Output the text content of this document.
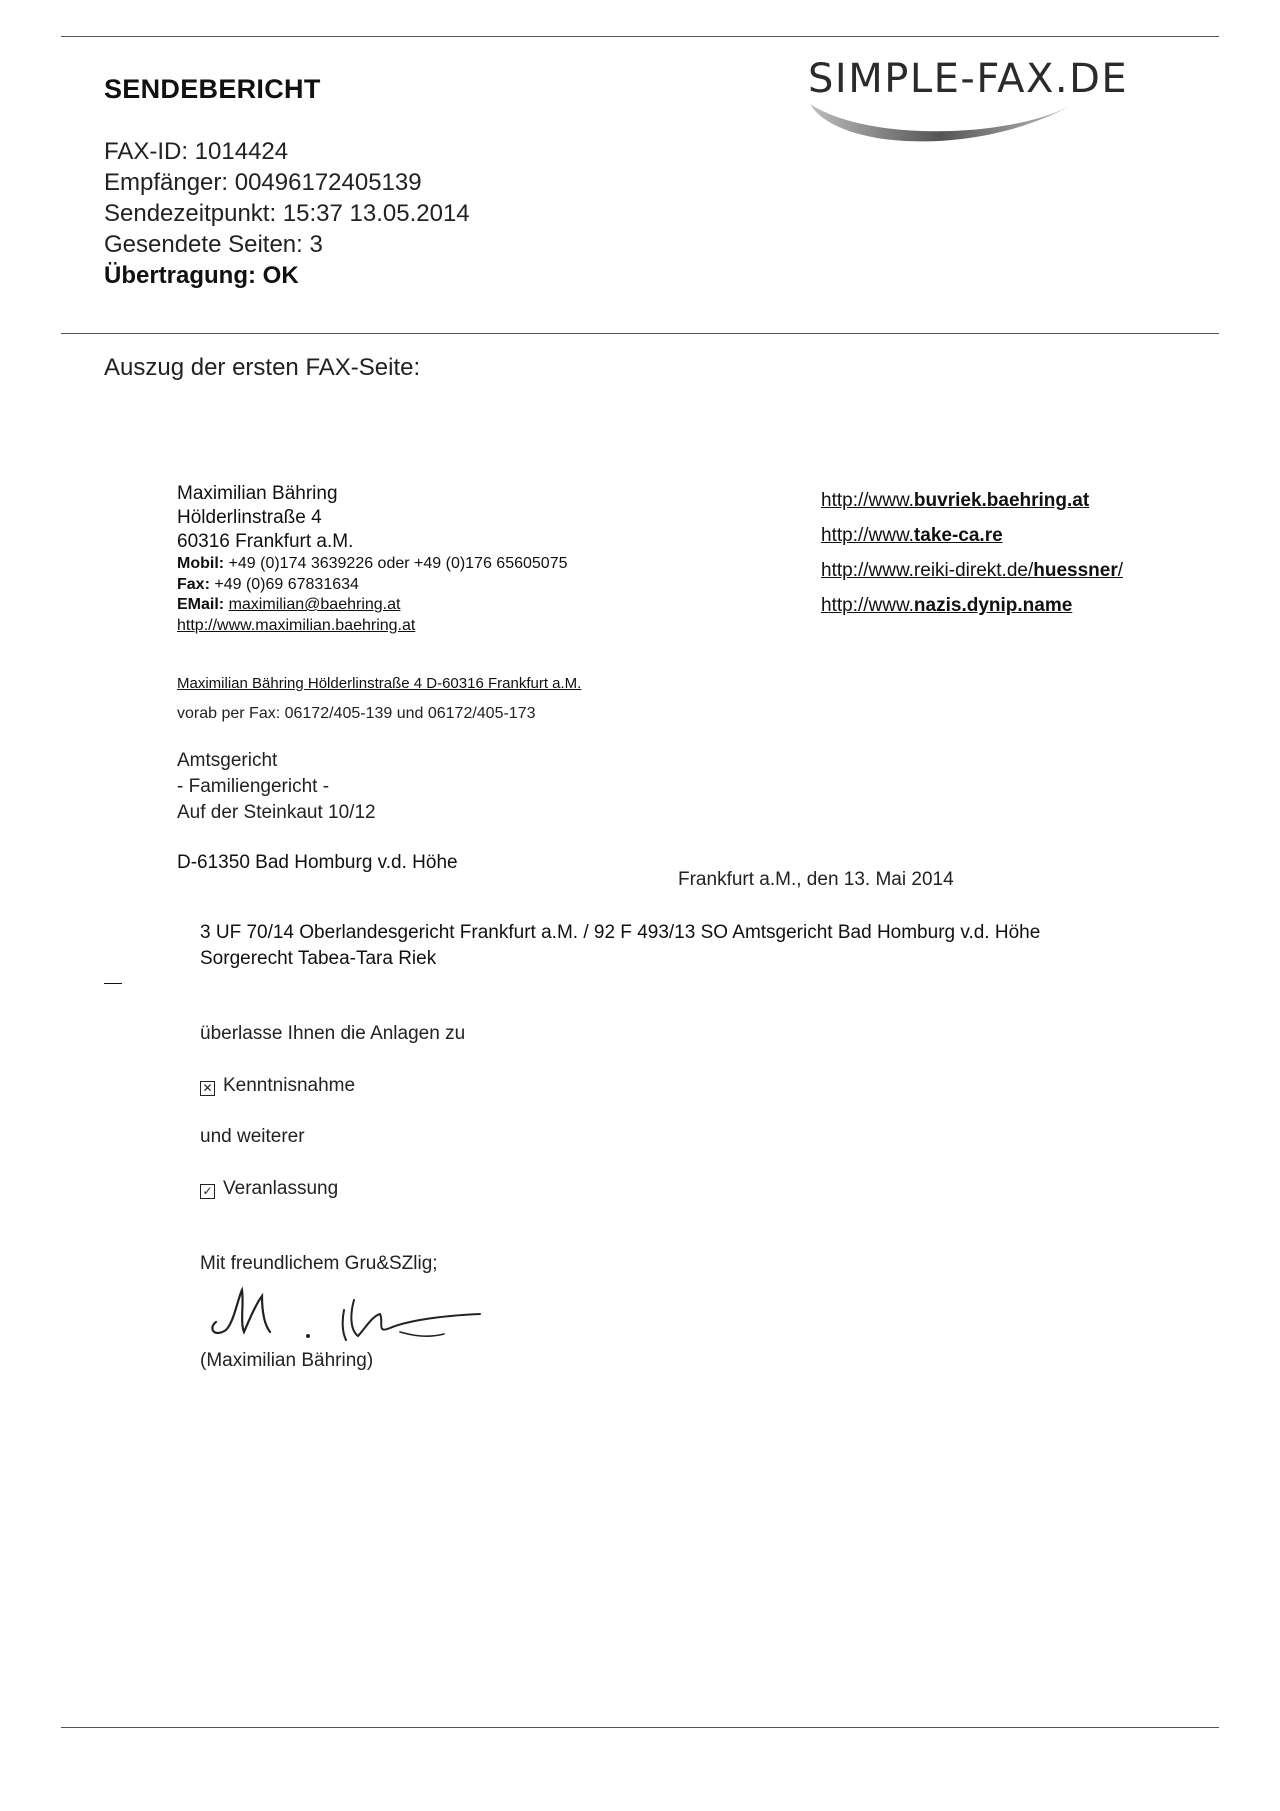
SENDEBERICHT
FAX-ID: 1014424
Empfänger: 00496172405139
Sendezeitpunkt: 15:37 13.05.2014
Gesendete Seiten: 3
Übertragung: OK
SIMPLE-FAX.DE
Auszug der ersten FAX-Seite:
Maximilian Bähring
Hölderlinstraße 4
60316 Frankfurt a.M.
Mobil: +49 (0)174 3639226 oder +49 (0)176 65605075
Fax: +49 (0)69 67831634
EMail: maximilian@baehring.at
http://www.maximilian.baehring.at
http://www.buvriek.baehring.at
http://www.take-ca.re
http://www.reiki-direkt.de/huessner/
http://www.nazis.dynip.name
Maximilian Bähring Hölderlinstraße 4 D-60316 Frankfurt a.M.
vorab per Fax: 06172/405-139 und 06172/405-173
Amtsgericht
- Familiengericht -
Auf der Steinkaut 10/12
D-61350 Bad Homburg v.d. Höhe
Frankfurt a.M., den 13. Mai 2014
3 UF 70/14 Oberlandesgericht Frankfurt a.M. / 92 F 493/13 SO Amtsgericht Bad Homburg v.d. Höhe
Sorgerecht Tabea-Tara Riek
überlasse Ihnen die Anlagen zu
✕ Kenntnisnahme
und weiterer
✓ Veranlassung
Mit freundlichem Gru&SZlig;
(Maximilian Bähring)
